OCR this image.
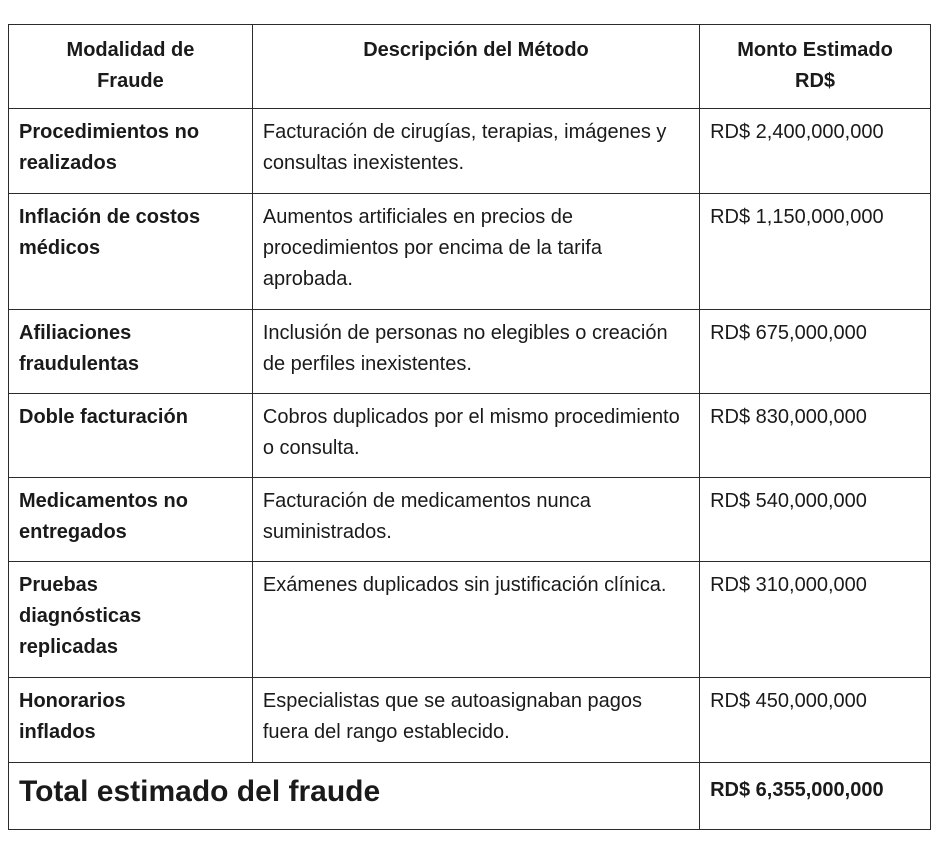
Modalidad de Fraude	Descripción del Método	Monto Estimado RD$
Procedimientos no realizados	Facturación de cirugías, terapias, imágenes y consultas inexistentes.	RD$ 2,400,000,000
Inflación de costos médicos	Aumentos artificiales en precios de procedimientos por encima de la tarifa aprobada.	RD$ 1,150,000,000
Afiliaciones fraudulentas	Inclusión de personas no elegibles o creación de perfiles inexistentes.	RD$ 675,000,000
Doble facturación	Cobros duplicados por el mismo procedimiento o consulta.	RD$ 830,000,000
Medicamentos no entregados	Facturación de medicamentos nunca suministrados.	RD$ 540,000,000
Pruebas diagnósticas replicadas	Exámenes duplicados sin justificación clínica.	RD$ 310,000,000
Honorarios inflados	Especialistas que se autoasignaban pagos fuera del rango establecido.	RD$ 450,000,000
Total estimado del fraude		RD$ 6,355,000,000
